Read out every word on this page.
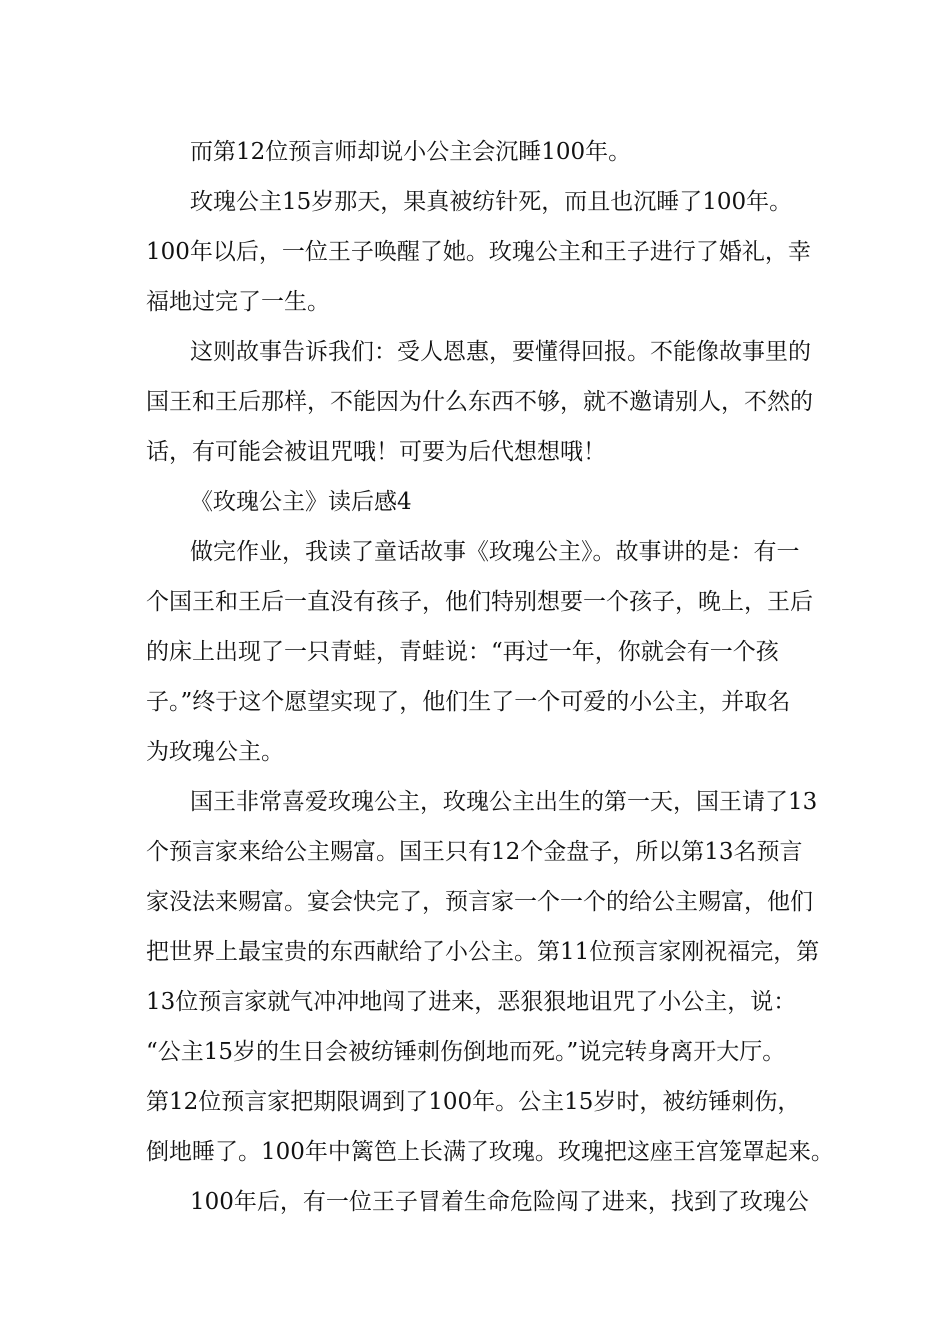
而第12位预言师却说小公主会沉睡100年。
玫瑰公主15岁那天，果真被纺针死，而且也沉睡了100年。
100年以后，一位王子唤醒了她。玫瑰公主和王子进行了婚礼，幸
福地过完了一生。
这则故事告诉我们：受人恩惠，要懂得回报。不能像故事里的
国王和王后那样，不能因为什么东西不够，就不邀请别人，不然的
话，有可能会被诅咒哦！可要为后代想想哦！
《玫瑰公主》读后感4
做完作业，我读了童话故事《玫瑰公主》。故事讲的是：有一
个国王和王后一直没有孩子，他们特别想要一个孩子，晚上，王后
的床上出现了一只青蛙，青蛙说：“再过一年，你就会有一个孩
子。”终于这个愿望实现了，他们生了一个可爱的小公主，并取名
为玫瑰公主。
国王非常喜爱玫瑰公主，玫瑰公主出生的第一天，国王请了13
个预言家来给公主赐富。国王只有12个金盘子，所以第13名预言
家没法来赐富。宴会快完了，预言家一个一个的给公主赐富，他们
把世界上最宝贵的东西献给了小公主。第11位预言家刚祝福完，第
13位预言家就气冲冲地闯了进来，恶狠狠地诅咒了小公主，说：
“公主15岁的生日会被纺锤刺伤倒地而死。”说完转身离开大厅。
第12位预言家把期限调到了100年。公主15岁时，被纺锤刺伤，
倒地睡了。100年中篱笆上长满了玫瑰。玫瑰把这座王宫笼罩起来。
100年后，有一位王子冒着生命危险闯了进来，找到了玫瑰公
